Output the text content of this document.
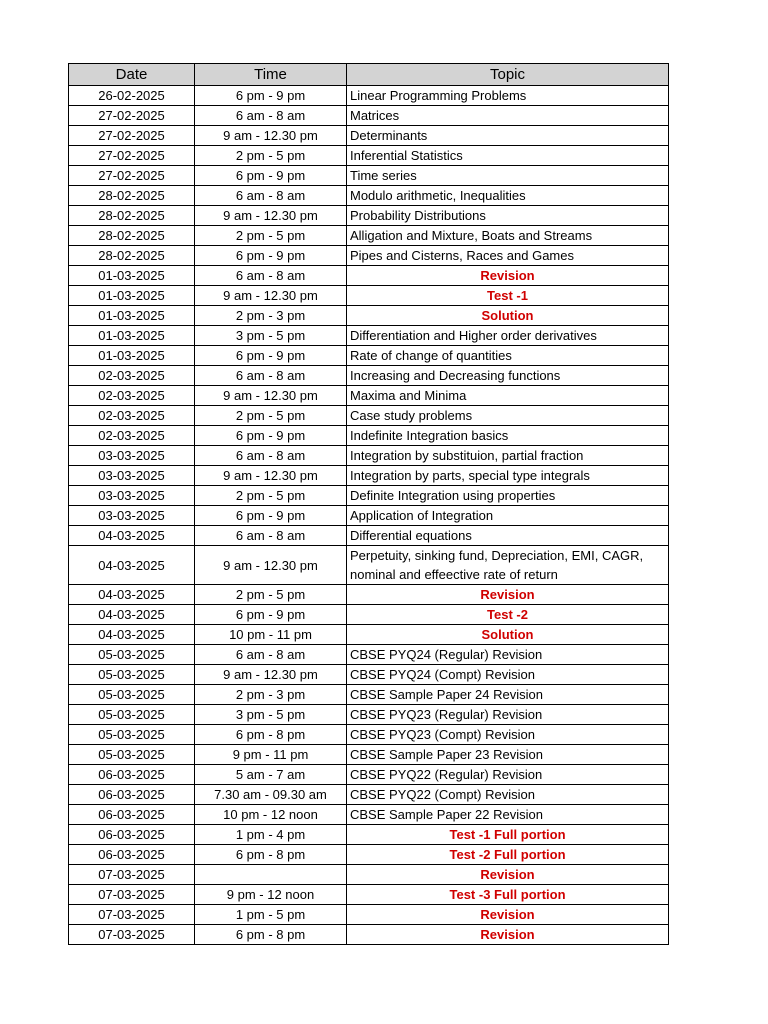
Date	Time	Topic
26-02-2025	6 pm - 9 pm	Linear Programming Problems
27-02-2025	6 am - 8 am	Matrices
27-02-2025	9 am - 12.30 pm	Determinants
27-02-2025	2 pm - 5 pm	Inferential Statistics
27-02-2025	6 pm - 9 pm	Time series
28-02-2025	6 am - 8 am	Modulo arithmetic, Inequalities
28-02-2025	9 am - 12.30 pm	Probability Distributions
28-02-2025	2 pm - 5 pm	Alligation and Mixture, Boats and Streams
28-02-2025	6 pm - 9 pm	Pipes and Cisterns, Races and Games
01-03-2025	6 am - 8 am	Revision
01-03-2025	9 am - 12.30 pm	Test -1
01-03-2025	2 pm - 3 pm	Solution
01-03-2025	3 pm - 5 pm	Differentiation and Higher order derivatives
01-03-2025	6 pm - 9 pm	Rate of change of quantities
02-03-2025	6 am - 8 am	Increasing and Decreasing functions
02-03-2025	9 am - 12.30 pm	Maxima and Minima
02-03-2025	2 pm - 5 pm	Case study problems
02-03-2025	6 pm - 9 pm	Indefinite Integration basics
03-03-2025	6 am - 8 am	Integration by substituion, partial fraction
03-03-2025	9 am - 12.30 pm	Integration by parts, special type integrals
03-03-2025	2 pm - 5 pm	Definite Integration using properties
03-03-2025	6 pm - 9 pm	Application of Integration
04-03-2025	6 am - 8 am	Differential equations
04-03-2025	9 am - 12.30 pm	Perpetuity, sinking fund, Depreciation, EMI, CAGR, nominal and effeective rate of return
04-03-2025	2 pm - 5 pm	Revision
04-03-2025	6 pm - 9 pm	Test -2
04-03-2025	10 pm - 11 pm	Solution
05-03-2025	6 am - 8 am	CBSE PYQ24 (Regular) Revision
05-03-2025	9 am - 12.30 pm	CBSE PYQ24 (Compt) Revision
05-03-2025	2 pm - 3 pm	CBSE Sample Paper 24 Revision
05-03-2025	3 pm - 5 pm	CBSE PYQ23 (Regular) Revision
05-03-2025	6 pm - 8 pm	CBSE PYQ23 (Compt) Revision
05-03-2025	9 pm - 11 pm	CBSE Sample Paper 23 Revision
06-03-2025	5 am - 7 am	CBSE PYQ22 (Regular) Revision
06-03-2025	7.30 am - 09.30 am	CBSE PYQ22 (Compt) Revision
06-03-2025	10 pm - 12 noon	CBSE Sample Paper 22 Revision
06-03-2025	1 pm - 4 pm	Test -1 Full portion
06-03-2025	6 pm - 8 pm	Test -2 Full portion
07-03-2025		Revision
07-03-2025	9 pm - 12 noon	Test -3 Full portion
07-03-2025	1 pm - 5 pm	Revision
07-03-2025	6 pm - 8 pm	Revision
